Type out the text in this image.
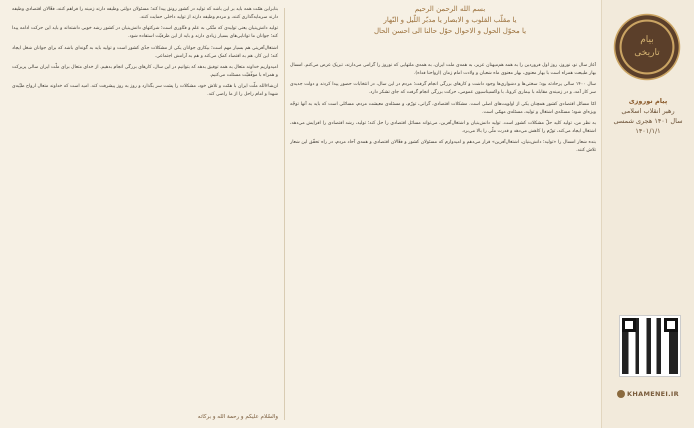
بسم الله الرحمن الرحیم
یا مقلّب القلوب و الابصار یا مدبّر اللّیل و النّهار
یا محوّل الحول و الاحوال حوّل حالنا الی احسن الحال

آغاز سال نو، نوروز، روز اول فروردین را به همه هم‌میهنان عزیز، به همه‌ی ملّت ایران، به همه‌ی ملّتهایی که نوروز را گرامی می‌دارند، تبریک عرض می‌کنم. امسال بهار طبیعت همراه است با بهار معنوی، بهار معنوی ماه شعبان و ولادت امام زمان (ارواحنا فداه).

سال ۱۴۰۰ سالی پرحادثه بود؛ سختی‌ها و دشواری‌ها وجود داشت و کارهای بزرگی انجام گرفت؛ مردم در این سال، در انتخابات حضور پیدا کردند و دولت جدیدی سر کار آمد، و در زمینه‌ی مقابله با بیماری کرونا، با واکسیناسیون عمومی، حرکت بزرگی انجام گرفت که جای تشکر دارد.

امّا مسائل اقتصادی کشور همچنان یکی از اولویت‌های اصلی است. مشکلات اقتصادی، گرانی، تورّم، و مسئله‌ی معیشت مردم، مسائلی است که باید به آنها توجّه ویژه‌ای شود؛ مسئله‌ی اشتغال و تولید، مسئله‌ی مهمّی است.

به نظر من، تولید کلید حلّ مشکلات کشور است. تولید دانش‌بنیان و اشتغال‌آفرین، می‌تواند مسائل اقتصادی را حل کند؛ تولید، رشد اقتصادی را افزایش می‌دهد، اشتغال ایجاد می‌کند، تورّم را کاهش می‌دهد و قدرت ملّی را بالا می‌برد.

بنده شعار امسال را «تولید؛ دانش‌بنیان، اشتغال‌آفرین» قرار می‌دهم و امیدوارم که مسئولان کشور و فعّالان اقتصادی و همه‌ی آحاد مردم، در راه تحقّق این شعار تلاش کنند.

بنابراین همّت همه باید بر این باشد که تولید در کشور رونق پیدا کند؛ مسئولان دولتی وظیفه دارند زمینه را فراهم کنند، فعّالان اقتصادی وظیفه دارند سرمایه‌گذاری کنند، و مردم وظیفه دارند از تولید داخلی حمایت کنند.

تولید دانش‌بنیان یعنی تولیدی که متّکی به علم و فنّاوری است؛ شرکتهای دانش‌بنیان در کشور رشد خوبی داشته‌اند و باید این حرکت ادامه پیدا کند؛ جوانان ما توانایی‌های بسیار زیادی دارند و باید از این ظرفیّت استفاده شود.

اشتغال‌آفرینی هم بسیار مهم است؛ بیکاری جوانان یکی از مشکلات جدّی کشور است و تولید باید به گونه‌ای باشد که برای جوانان شغل ایجاد کند؛ این کار، هم به اقتصاد کمک می‌کند و هم به آرامش اجتماعی.

امیدواریم خداوند متعال به همه توفیق بدهد که بتوانیم در این سال، کارهای بزرگی انجام بدهیم. از خدای متعال برای ملّت ایران سالی پربرکت و همراه با موفّقیّت مسئلت می‌کنیم.

ان‌شاءالله ملّت ایران با همّت و تلاش خود، مشکلات را پشت سر بگذارد و روز به روز پیشرفت کند. امید است که خداوند متعال ارواح طیّبه‌ی شهدا و امام راحل را از ما راضی کند.

والسّلام علیکم و رحمة الله و برکاته
بیام تاریخی
پیام نوروزی
رهبر انقلاب اسلامی
سال ۱۴۰۱ هجری شمسی
۱۴۰۱/۱/۱
KHAMENEI.IR
